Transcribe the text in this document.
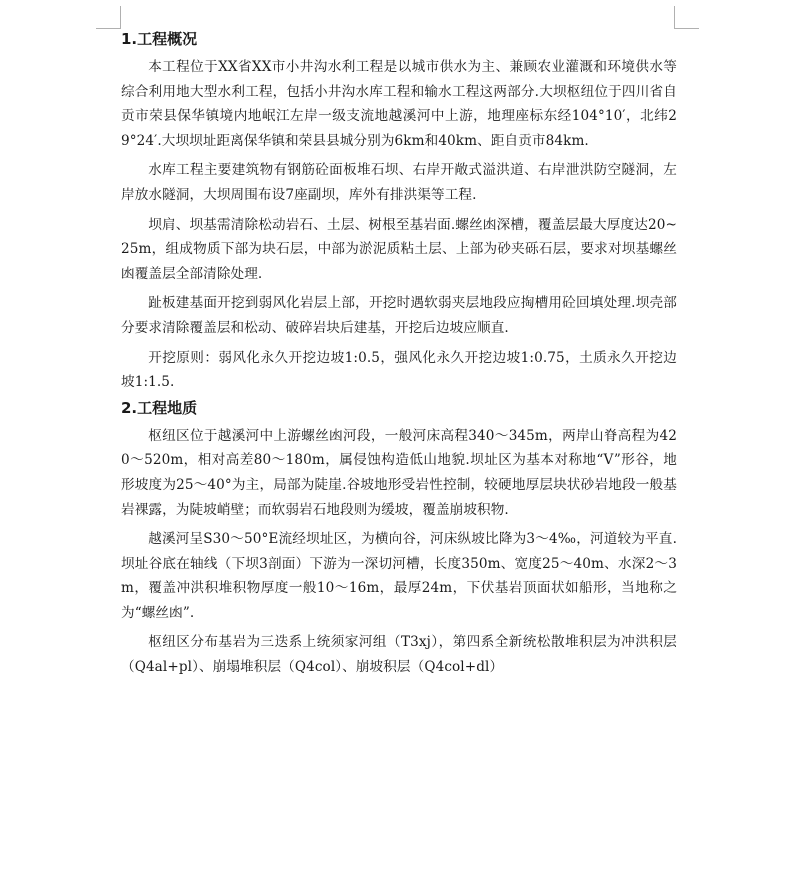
1.工程概况

本工程位于XX省XX市小井沟水利工程是以城市供水为主、兼顾农业灌溉和环境供水等综合利用地大型水利工程，包括小井沟水库工程和输水工程这两部分.大坝枢纽位于四川省自贡市荣县保华镇境内地岷江左岸一级支流地越溪河中上游，地理座标东经104°10′，北纬29°24′.大坝坝址距离保华镇和荣县县城分别为6km和40km、距自贡市84km.

水库工程主要建筑物有钢筋砼面板堆石坝、右岸开敞式溢洪道、右岸泄洪防空隧洞，左岸放水隧洞，大坝周围布设7座副坝，库外有排洪渠等工程.

坝肩、坝基需清除松动岩石、土层、树根至基岩面.螺丝凼深槽，覆盖层最大厚度达20~25m，组成物质下部为块石层，中部为淤泥质粘土层、上部为砂夹砾石层，要求对坝基螺丝凼覆盖层全部清除处理.

趾板建基面开挖到弱风化岩层上部，开挖时遇软弱夹层地段应掏槽用砼回填处理.坝壳部分要求清除覆盖层和松动、破碎岩块后建基，开挖后边坡应顺直.

开挖原则：弱风化永久开挖边坡1:0.5，强风化永久开挖边坡1:0.75，土质永久开挖边坡1:1.5.

2.工程地质

枢纽区位于越溪河中上游螺丝凼河段，一般河床高程340～345m，两岸山脊高程为420～520m，相对高差80～180m，属侵蚀构造低山地貌.坝址区为基本对称地“V”形谷，地形坡度为25～40°为主，局部为陡崖.谷坡地形受岩性控制，较硬地厚层块状砂岩地段一般基岩裸露，为陡坡峭壁；而软弱岩石地段则为缓坡，覆盖崩坡积物.

越溪河呈S30～50°E流经坝址区，为横向谷，河床纵坡比降为3～4‰，河道较为平直.坝址谷底在轴线（下坝3剖面）下游为一深切河槽，长度350m、宽度25～40m、水深2～3m，覆盖冲洪积堆积物厚度一般10～16m，最厚24m，下伏基岩顶面状如船形，当地称之为“螺丝凼”.

枢纽区分布基岩为三迭系上统须家河组（T3xj），第四系全新统松散堆积层为冲洪积层（Q4al+pl）、崩塌堆积层（Q4col）、崩坡积层（Q4col+dl）
